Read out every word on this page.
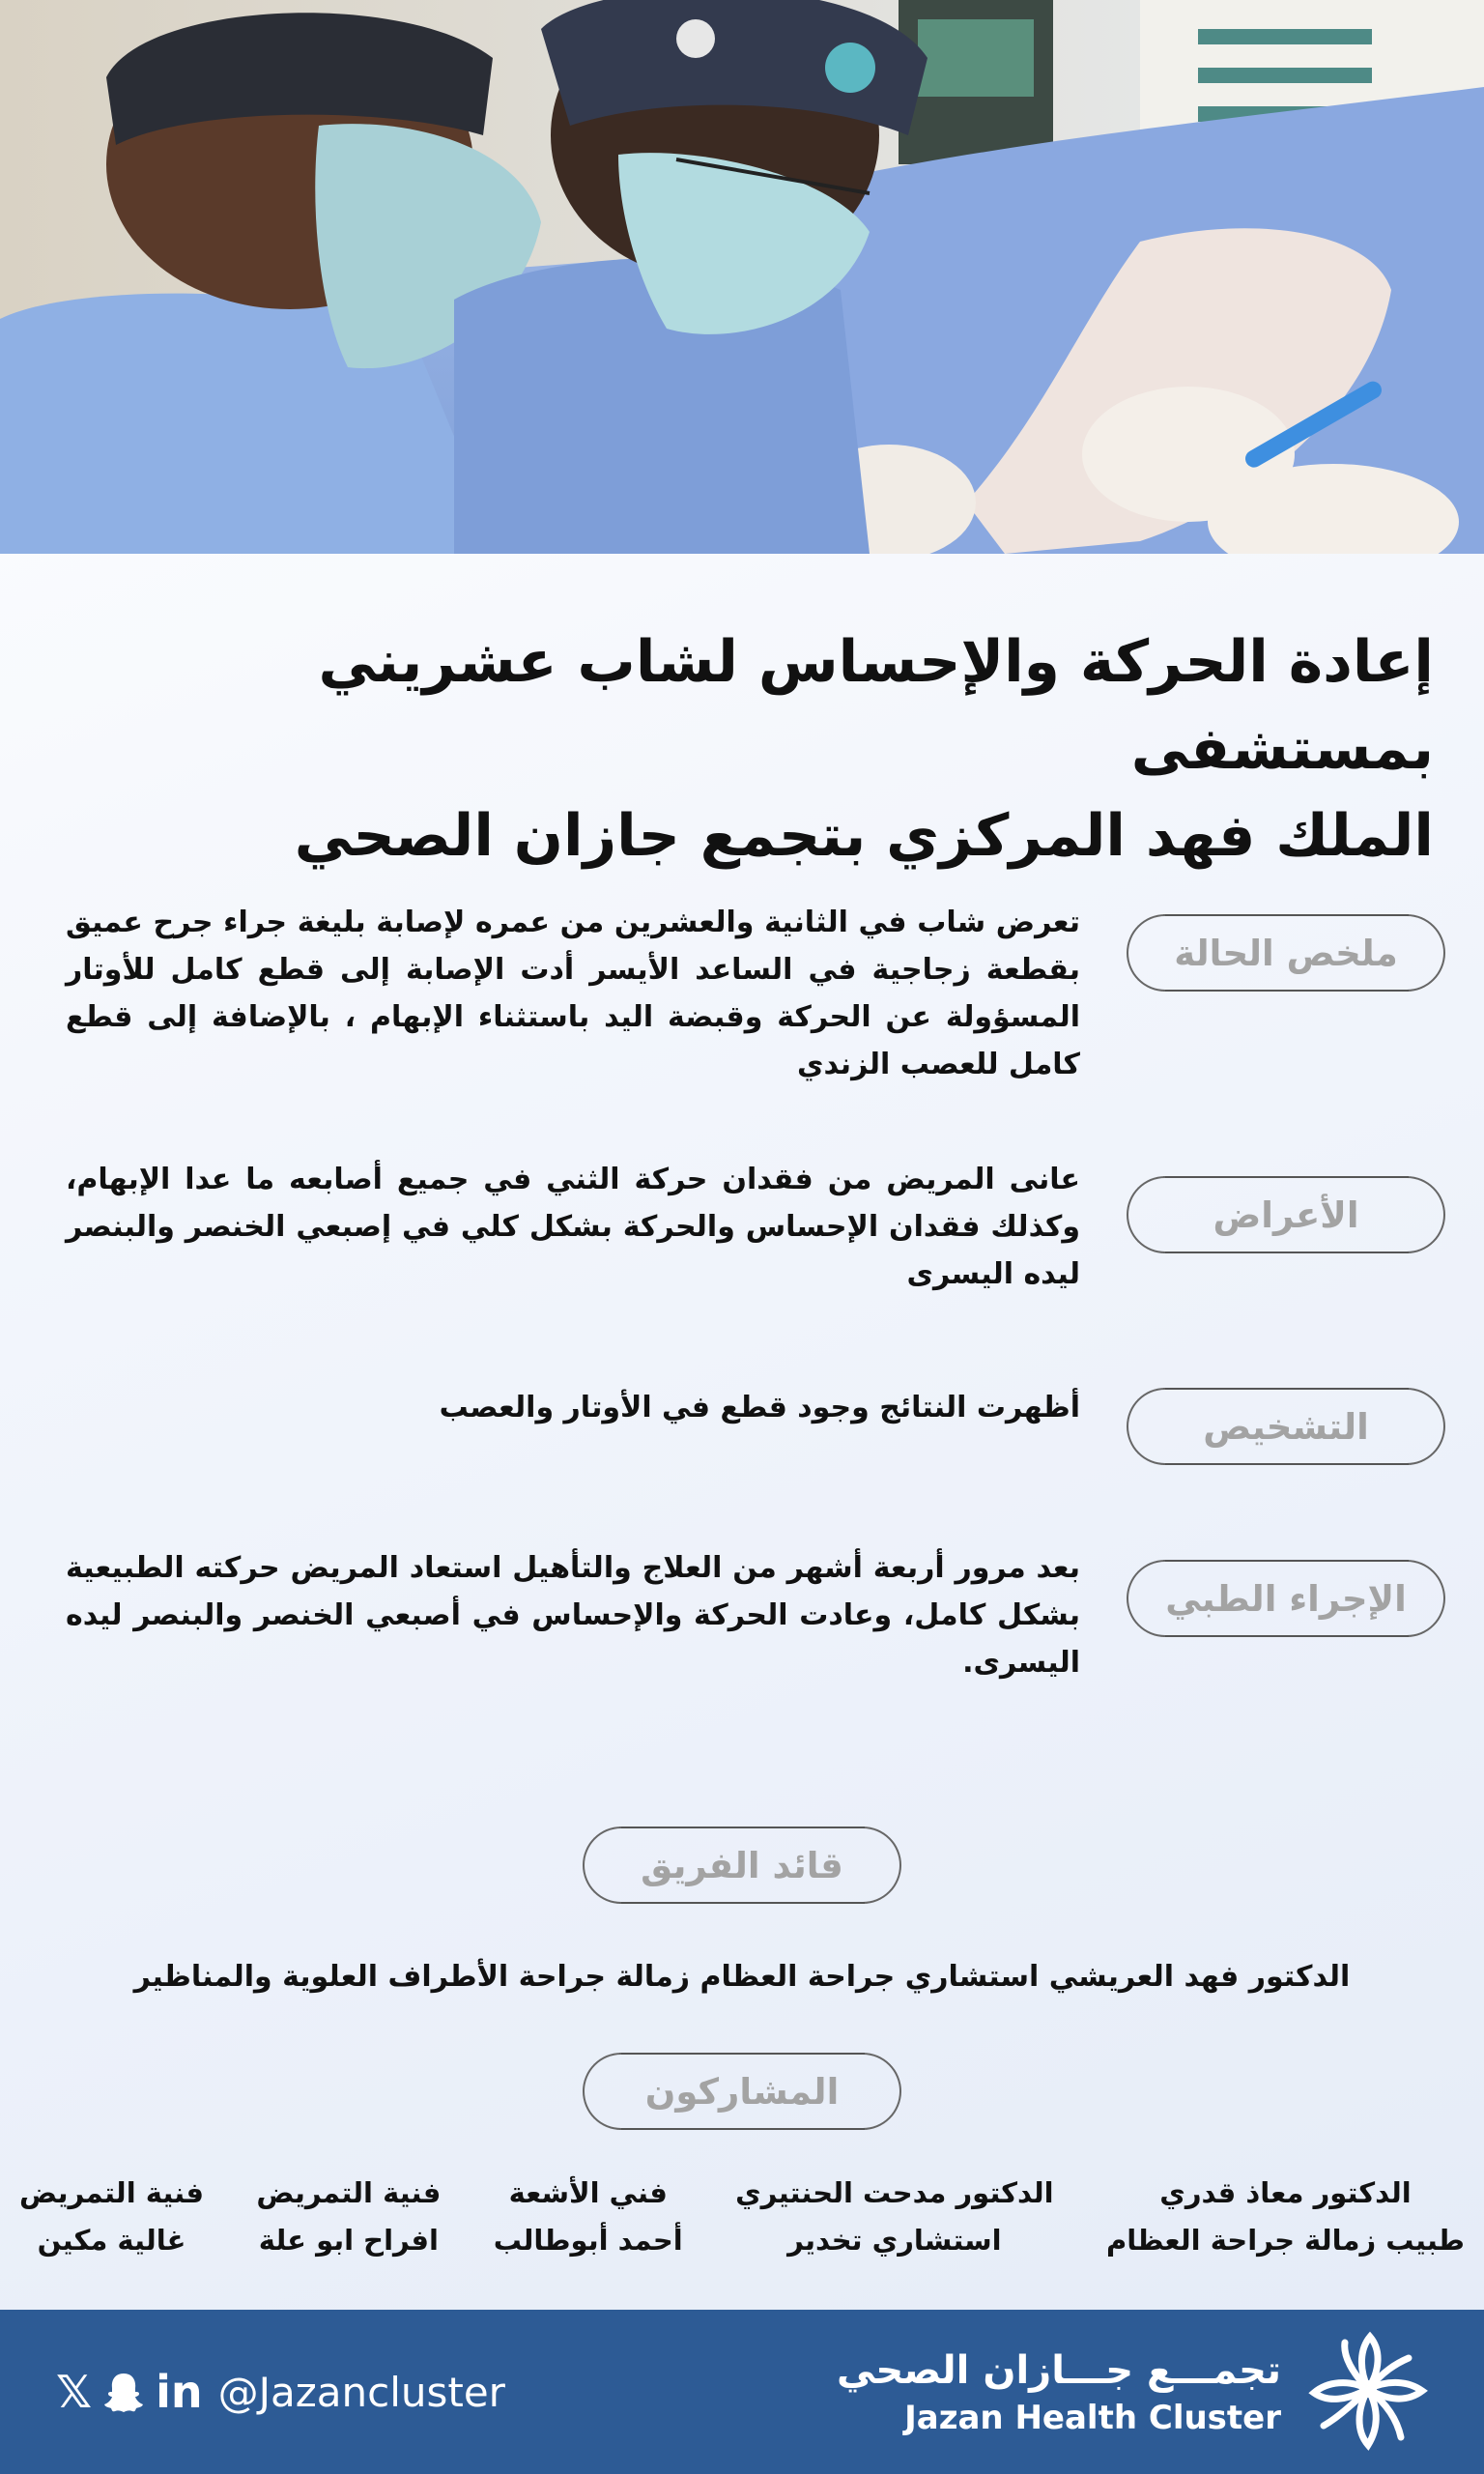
إعادة الحركة والإحساس لشاب عشريني بمستشفى
الملك فهد المركزي بتجمع جازان الصحي
ملخص الحالة

تعرض شاب في الثانية والعشرين من عمره لإصابة بليغة جراء جرح عميق بقطعة زجاجية في الساعد الأيسر أدت الإصابة إلى قطع كامل للأوتار المسؤولة عن الحركة وقبضة اليد باستثناء الإبهام ، بالإضافة إلى قطع كامل للعصب الزندي

الأعراض

عانى المريض من فقدان حركة الثني في جميع أصابعه ما عدا الإبهام، وكذلك فقدان الإحساس والحركة بشكل كلي في إصبعي الخنصر والبنصر ليده اليسرى

التشخيص

أظهرت النتائج وجود قطع في الأوتار والعصب

الإجراء الطبي

بعد مرور أربعة أشهر من العلاج والتأهيل استعاد المريض حركته الطبيعية بشكل كامل، وعادت الحركة والإحساس في أصبعي الخنصر والبنصر ليده اليسرى.

قائد الفريق

الدكتور فهد العريشي استشاري جراحة العظام زمالة جراحة الأطراف العلوية والمناظير

المشاركون
الدكتور معاذ قدري
طبيب زمالة جراحة العظام
الدكتور مدحت الحنتيري
استشاري تخدير
فني الأشعة
أحمد أبوطالب
فنية التمريض
افراح ابو علة
فنية التمريض
غالية مكين
𝕏 in @Jazancluster	تجمـــع جـــازان الصحي
Jazan Health Cluster
